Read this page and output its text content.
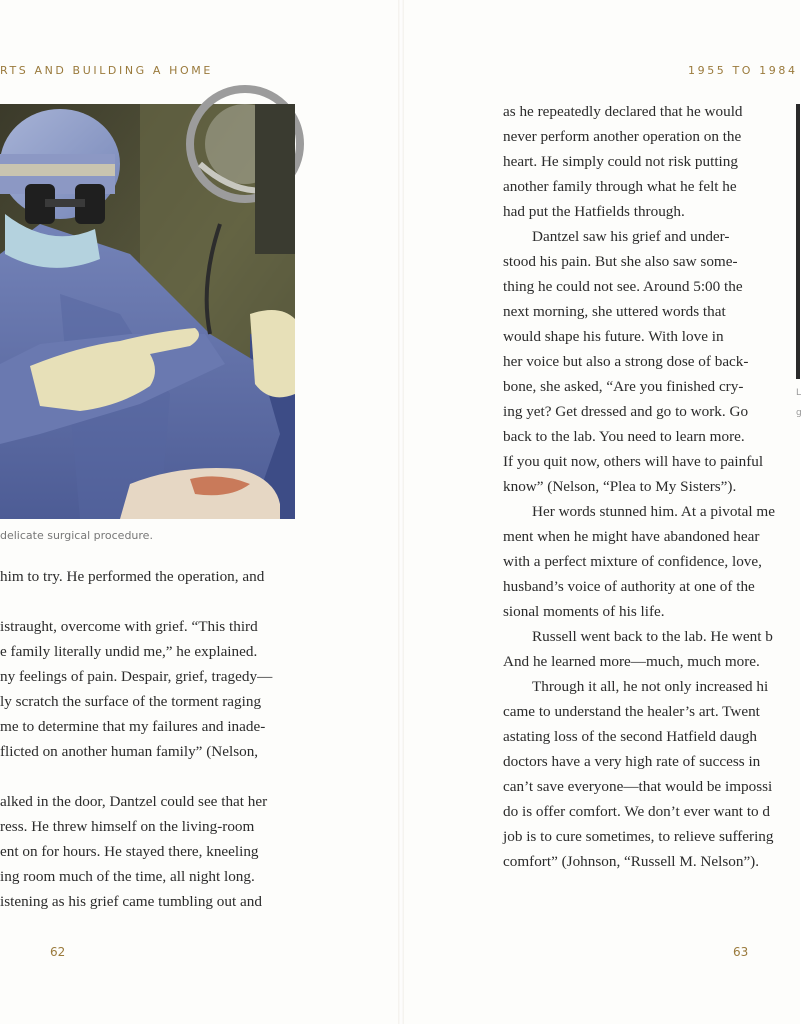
RTS AND BUILDING A HOME	1955 TO 1984
delicate surgical procedure.
him to try. He performed the operation, and
istraught, overcome with grief. “This third
e family literally undid me,” he explained.
ny feelings of pain. Despair, grief, tragedy—
ly scratch the surface of the torment raging
me to determine that my failures and inade-
flicted on another human family” (Nelson,
alked in the door, Dantzel could see that her
ress. He threw himself on the living-room
ent on for hours. He stayed there, kneeling
ing room much of the time, all night long.
istening as his grief came tumbling out and
as he repeatedly declared that he would
never perform another operation on the
heart. He simply could not risk putting
another family through what he felt he
had put the Hatfields through.
Dantzel saw his grief and under-
stood his pain. But she also saw some-
thing he could not see. Around 5:00 the
next morning, she uttered words that
would shape his future. With love in
her voice but also a strong dose of back-
bone, she asked, “Are you finished cry-
ing yet? Get dressed and go to work. Go
back to the lab. You need to learn more.
If you quit now, others will have to painful
know” (Nelson, “Plea to My Sisters”).
Her words stunned him. At a pivotal me
ment when he might have abandoned hear
with a perfect mixture of confidence, love,
husband’s voice of authority at one of the
sional moments of his life.
Russell went back to the lab. He went b
And he learned more—much, much more.
Through it all, he not only increased hi
came to understand the healer’s art. Twent
astating loss of the second Hatfield daugh
doctors have a very high rate of success in
can’t save everyone—that would be impossi
do is offer comfort. We don’t ever want to d
job is to cure sometimes, to relieve suffering
comfort” (Johnson, “Russell M. Nelson”).
L
g
62	63
